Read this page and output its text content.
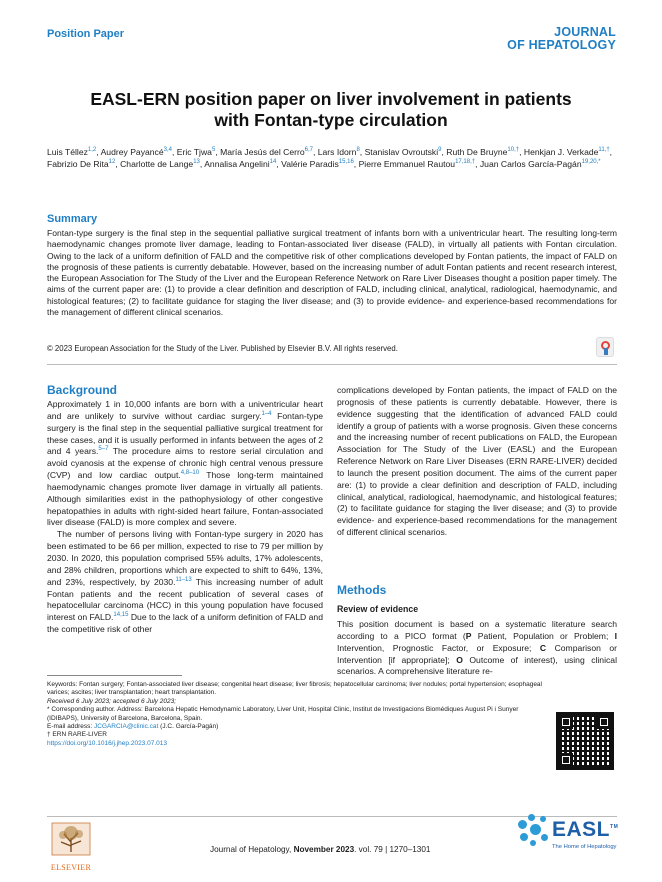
Position Paper	JOURNAL
OF HEPATOLOGY
EASL-ERN position paper on liver involvement in patients
with Fontan-type circulation
Luis Téllez$^{1,2}$, Audrey Payancé$^{3,4}$, Eric Tjwa$^5$, María Jesús del Cerro$^{6,7}$, Lars Idorn$^8$, Stanislav Ovroutski$^9$, Ruth De Bruyne$^{10,\dagger}$, Henkjan J. Verkade$^{11,\dagger}$, Fabrizio De Rita$^{12}$, Charlotte de Lange$^{13}$, Annalisa Angelini$^{14}$, Valérie Paradis$^{15,16}$, Pierre Emmanuel Rautou$^{17,18,\dagger}$, Juan Carlos García-Pagán$^{19,20,*}$
Summary
Fontan-type surgery is the final step in the sequential palliative surgical treatment of infants born with a univentricular heart. The resulting long-term haemodynamic changes promote liver damage, leading to Fontan-associated liver disease (FALD), in virtually all patients with Fontan circulation. Owing to the lack of a uniform definition of FALD and the competitive risk of other complications developed by Fontan patients, the impact of FALD on the prognosis of these patients is currently debatable. However, based on the increasing number of adult Fontan patients and recent research interest, the European Association for The Study of the Liver and the European Reference Network on Rare Liver Diseases thought a position paper timely. The aims of the current paper are: (1) to provide a clear definition and description of FALD, including clinical, analytical, radiological, haemodynamic, and histological features; (2) to facilitate guidance for staging the liver disease; and (3) to provide evidence- and experience-based recommendations for the management of different clinical scenarios.
© 2023 European Association for the Study of the Liver. Published by Elsevier B.V. All rights reserved.
Background

Approximately 1 in 10,000 infants are born with a univentricular heart and are unlikely to survive without cardiac surgery.$^{1-4}$ Fontan-type surgery is the final step in the sequential palliative surgical treatment for these cases, and it is usually performed in infants between the ages of 2 and 4 years.$^{5-7}$ The procedure aims to restore serial circulation and avoid cyanosis at the expense of chronic high central venous pressure (CVP) and low cardiac output.$^{4,8-10}$ Those long-term maintained haemodynamic changes promote liver damage in virtually all patients. Although similarities exist in the pathophysiology of other congestive hepatopathies in adults with right-sided heart failure, Fontan-associated liver disease (FALD) is more complex and severe.

The number of persons living with Fontan-type surgery in 2020 has been estimated to be 66 per million, expected to rise to 79 per million by 2030. In 2020, this population comprised 55% adults, 17% adolescents, and 28% children, proportions which are expected to shift to 64%, 13%, and 23%, respectively, by 2030.$^{11-13}$ This increasing number of adult Fontan patients and the recent publication of several cases of hepatocellular carcinoma (HCC) in this young population have focused interest on FALD.$^{14,15}$ Due to the lack of a uniform definition of FALD and the competitive risk of other

complications developed by Fontan patients, the impact of FALD on the prognosis of these patients is currently debatable. However, there is evidence suggesting that the identification of advanced FALD could identify a group of patients with a worse prognosis. Given these concerns and the increasing number of recent publications on FALD, the European Association for The Study of the Liver (EASL) and the European Reference Network on Rare Liver Diseases (ERN RARE-LIVER) decided to launch the present position document. The aims of the current paper are: (1) to provide a clear definition and description of FALD, including clinical, analytical, radiological, haemodynamic, and histological features; (2) to facilitate guidance for staging the liver disease; and (3) to provide evidence- and experience-based recommendations for the management of different clinical scenarios.
Methods
Review of evidence
This position document is based on a systematic literature search according to a PICO format (P Patient, Population or Problem; I Intervention, Prognostic Factor, or Exposure; C Comparison or Intervention [if appropriate]; O Outcome of interest), using clinical scenarios. A comprehensive literature re-
Keywords: Fontan surgery; Fontan-associated liver disease; congenital heart disease; liver fibrosis; hepatocellular carcinoma; liver nodules; portal hypertension; esophageal varices; ascites; liver transplantation; heart transplantation.
Received 6 July 2023; accepted 6 July 2023;
* Corresponding author. Address: Barcelona Hepatic Hemodynamic Laboratory, Liver Unit, Hospital Clinic, Institut de Investigacions Biomédiques August Pi i Sunyer (IDIBAPS), University of Barcelona, Barcelona, Spain.
E-mail address: JCGARCIA@clinic.cat (J.C. García-Pagán)
† ERN RARE-LIVER
https://doi.org/10.1016/j.jhep.2023.07.013
ELSEVIER
Journal of Hepatology, November 2023. vol. 79 | 1270–1301
EASL™
The Home of Hepatology
